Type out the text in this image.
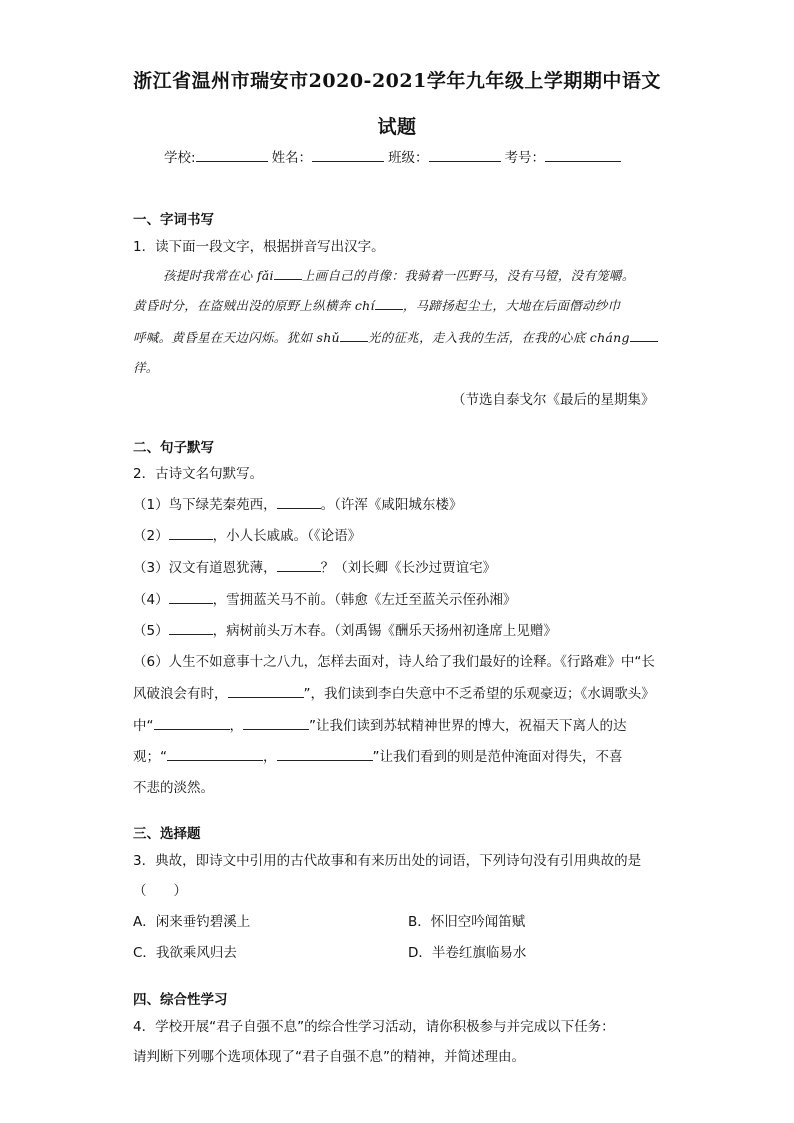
浙江省温州市瑞安市2020-2021学年九年级上学期期中语文
试题
学校:	姓名：	班级：	考号：
一、字词书写
1．读下面一段文字，根据拼音写出汉字。
孩提时我常在心 fǎi 上画自己的肖像：我骑着一匹野马，没有马镫，没有笼嚼。
黄昏时分，在盗贼出没的原野上纵横奔 chí ，马蹄扬起尘土，大地在后面僭动纱巾
呼喊。黄昏星在天边闪烁。犹如 shǔ 光的征兆，走入我的生活，在我的心底 cháng
徉。
（节选自泰戈尔《最后的星期集》
二、句子默写
2．古诗文名句默写。
（1）鸟下绿芜秦苑西，	。（许浑《咸阳城东楼》
（2）	，小人长戚戚。（《论语》
（3）汉文有道恩犹薄，	？（刘长卿《长沙过贾谊宅》
（4）	，雪拥蓝关马不前。（韩愈《左迁至蓝关示侄孙湘》
（5）	，病树前头万木春。（刘禹锡《酬乐天扬州初逢席上见赠》
（6）人生不如意事十之八九，怎样去面对，诗人给了我们最好的诠释。《行路难》中“长
风破浪会有时，	”，我们读到李白失意中不乏希望的乐观豪迈；《水调歌头》
中“	，	”让我们读到苏轼精神世界的博大，祝福天下离人的达
观；“	，	”让我们看到的则是范仲淹面对得失，不喜
不悲的淡然。
三、选择题
3．典故，即诗文中引用的古代故事和有来历出处的词语，下列诗句没有引用典故的是
（　　）
A．闲来垂钓碧溪上	B．怀旧空吟闻笛赋
C．我欲乘风归去	D．半卷红旗临易水
四、综合性学习
4．学校开展“君子自强不息”的综合性学习活动，请你积极参与并完成以下任务：
请判断下列哪个选项体现了“君子自强不息”的精神，并简述理由。
